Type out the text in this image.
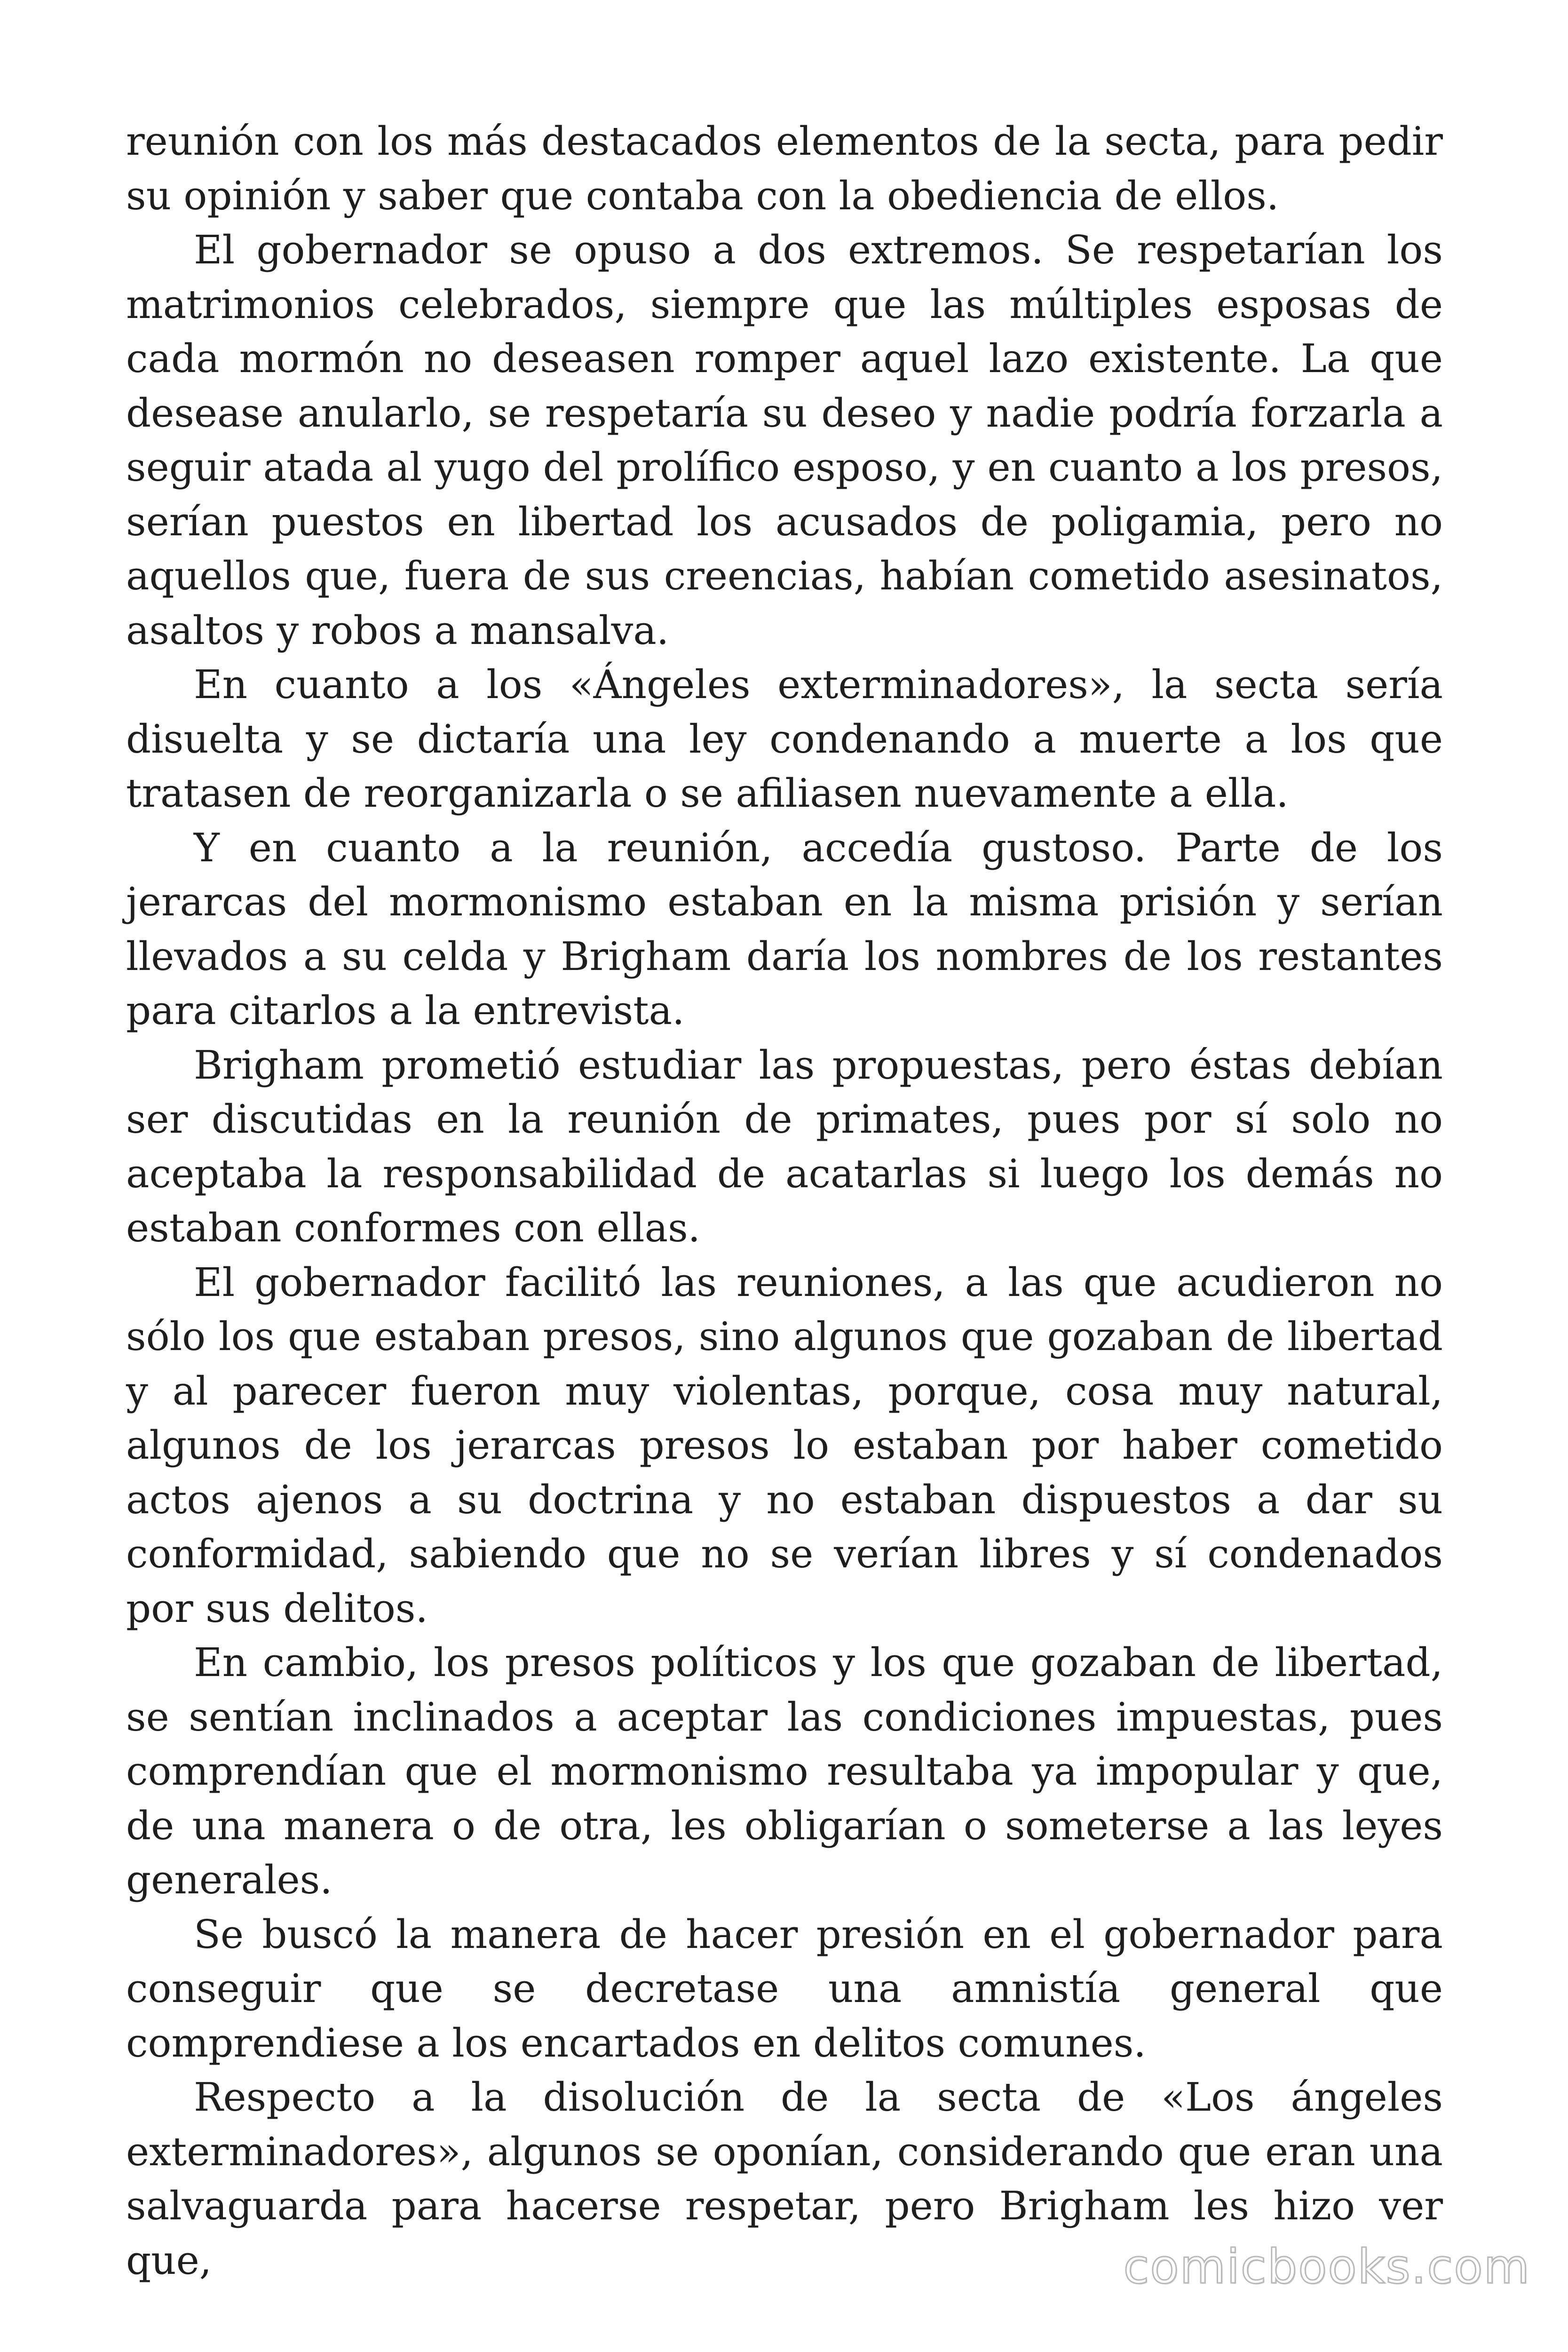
reunión con los más destacados elementos de la secta, para pedir su opinión y saber que contaba con la obediencia de ellos.

El gobernador se opuso a dos extremos. Se respetarían los matrimonios celebrados, siempre que las múltiples esposas de cada mormón no deseasen romper aquel lazo existente. La que desease anularlo, se respetaría su deseo y nadie podría forzarla a seguir atada al yugo del prolífico esposo, y en cuanto a los presos, serían puestos en libertad los acusados de poligamia, pero no aquellos que, fuera de sus creencias, habían cometido asesinatos, asaltos y robos a mansalva.

En cuanto a los «Ángeles exterminadores», la secta sería disuelta y se dictaría una ley condenando a muerte a los que tratasen de reorganizarla o se afiliasen nuevamente a ella.

Y en cuanto a la reunión, accedía gustoso. Parte de los jerarcas del mormonismo estaban en la misma prisión y serían llevados a su celda y Brigham daría los nombres de los restantes para citarlos a la entrevista.

Brigham prometió estudiar las propuestas, pero éstas debían ser discutidas en la reunión de primates, pues por sí solo no aceptaba la responsabilidad de acatarlas si luego los demás no estaban conformes con ellas.

El gobernador facilitó las reuniones, a las que acudieron no sólo los que estaban presos, sino algunos que gozaban de libertad y al parecer fueron muy violentas, porque, cosa muy natural, algunos de los jerarcas presos lo estaban por haber cometido actos ajenos a su doctrina y no estaban dispuestos a dar su conformidad, sabiendo que no se verían libres y sí condenados por sus delitos.

En cambio, los presos políticos y los que gozaban de libertad, se sentían inclinados a aceptar las condiciones impuestas, pues comprendían que el mormonismo resultaba ya impopular y que, de una manera o de otra, les obligarían o someterse a las leyes generales.

Se buscó la manera de hacer presión en el gobernador para conseguir que se decretase una amnistía general que comprendiese a los encartados en delitos comunes.

Respecto a la disolución de la secta de «Los ángeles exterminadores», algunos se oponían, considerando que eran una salvaguarda para hacerse respetar, pero Brigham les hizo ver que,	comicbooks.com
